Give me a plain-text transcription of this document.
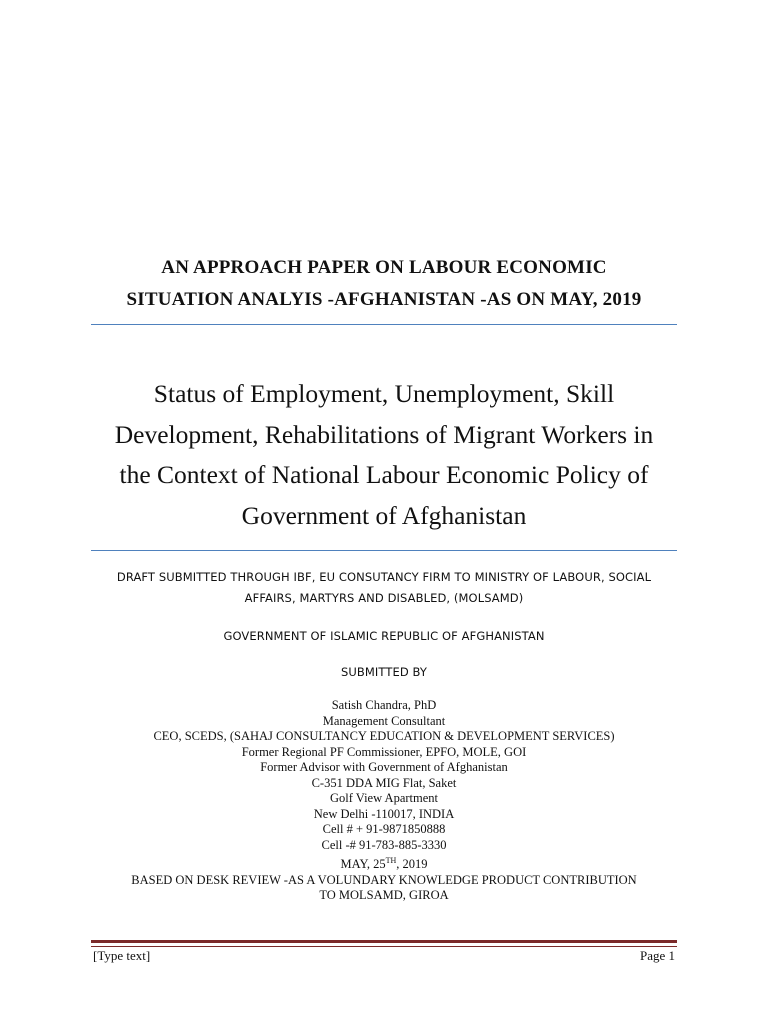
AN APPROACH PAPER ON LABOUR ECONOMIC
SITUATION ANALYIS -AFGHANISTAN -AS ON MAY, 2019
Status of Employment, Unemployment, Skill
Development, Rehabilitations of Migrant Workers in
the Context of National Labour Economic Policy of
Government of Afghanistan
DRAFT SUBMITTED THROUGH IBF, EU CONSUTANCY FIRM TO MINISTRY OF LABOUR, SOCIAL
AFFAIRS, MARTYRS AND DISABLED, (MOLSAMD)
GOVERNMENT OF ISLAMIC REPUBLIC OF AFGHANISTAN
SUBMITTED BY
Satish Chandra, PhD
Management Consultant
CEO, SCEDS, (SAHAJ CONSULTANCY EDUCATION & DEVELOPMENT SERVICES)
Former Regional PF Commissioner, EPFO, MOLE, GOI
Former Advisor with Government of Afghanistan
C-351 DDA MIG Flat, Saket
Golf View Apartment
New Delhi -110017, INDIA
Cell # + 91-9871850888
Cell -# 91-783-885-3330
MAY, 25TH, 2019
BASED ON DESK REVIEW -AS A VOLUNDARY KNOWLEDGE PRODUCT CONTRIBUTION
TO MOLSAMD, GIROA
[Type text]	Page 1
